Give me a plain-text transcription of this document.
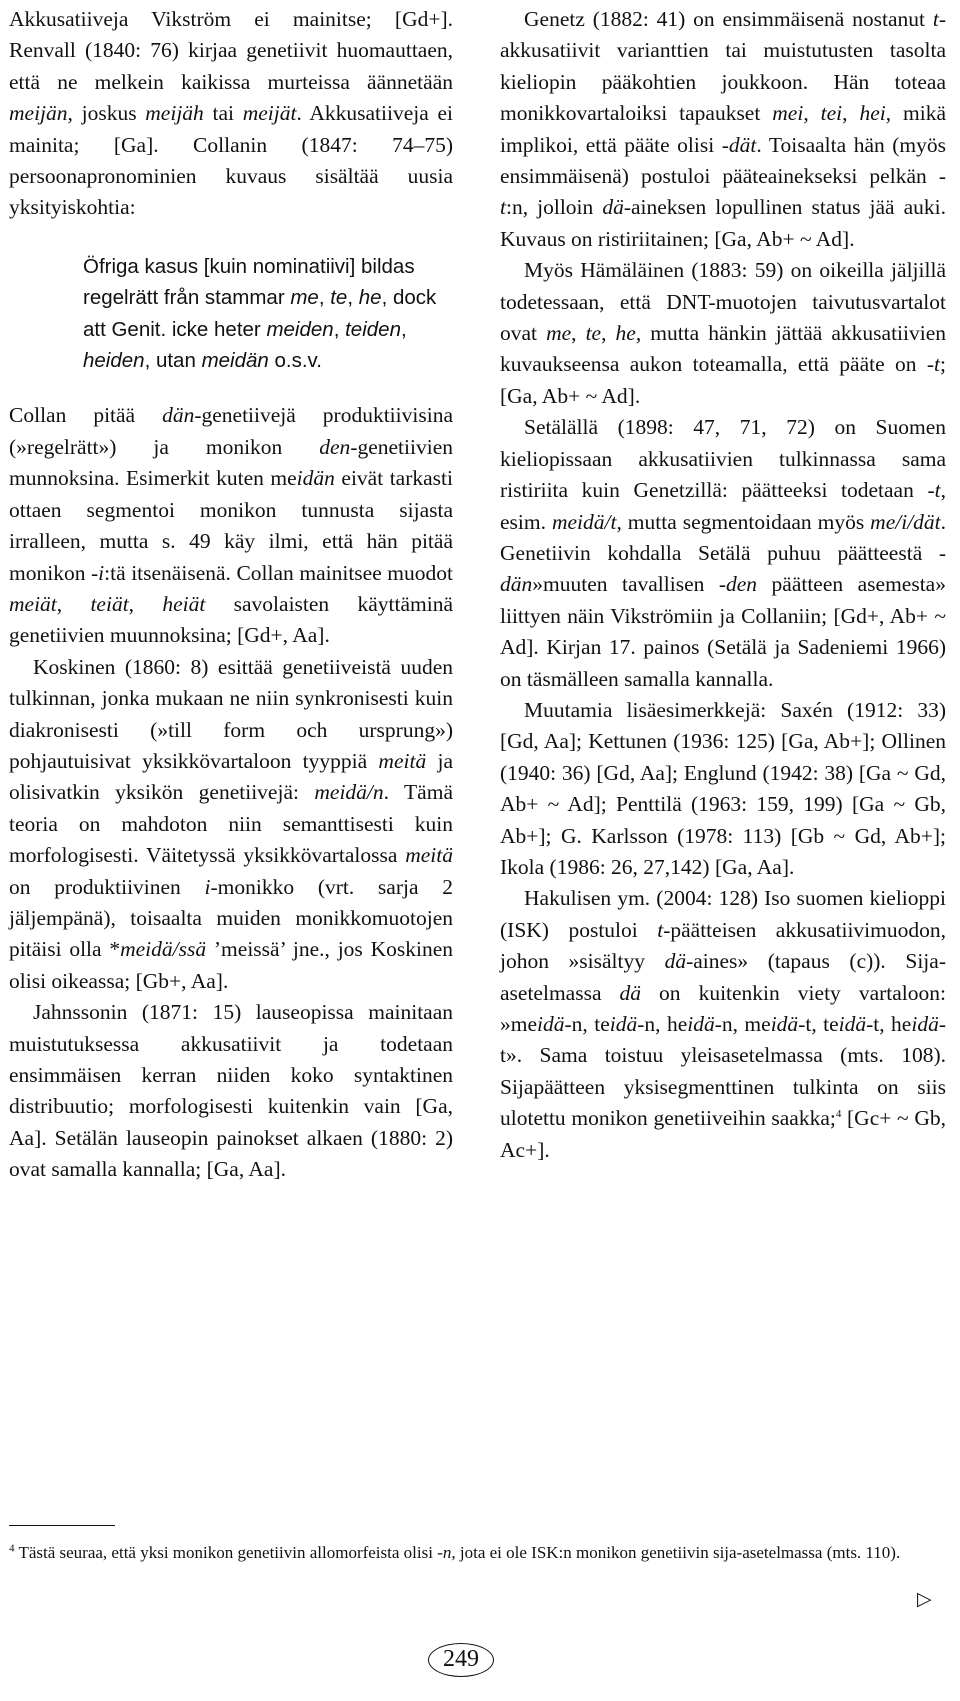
Akkusatiiveja Vikström ei mainitse; [Gd+]. Renvall (1840: 76) kirjaa genetiivit huomauttaen, että ne melkein kaikissa murteissa äännetään meijän, joskus meijäh tai meijät. Akkusatiiveja ei mainita; [Ga]. Collanin (1847: 74–75) persoonapronominien kuvaus sisältää uusia yksityiskohtia:

Öfriga kasus [kuin nominatiivi] bildas regelrätt från stammar me, te, he, dock att Genit. icke heter meiden, teiden, heiden, utan meidän o.s.v.

Collan pitää dän-genetiivejä produktiivisina (»regelrätt») ja monikon den-genetiivien munnoksina. Esimerkit kuten meidän eivät tarkasti ottaen segmentoi monikon tunnusta sijasta irralleen, mutta s. 49 käy ilmi, että hän pitää monikon -i:tä itsenäisenä. Collan mainitsee muodot meiät, teiät, heiät savolaisten käyttäminä genetiivien muunnoksina; [Gd+, Aa].

Koskinen (1860: 8) esittää genetiiveistä uuden tulkinnan, jonka mukaan ne niin synkronisesti kuin diakronisesti (»till form och ursprung») pohjautuisivat yksikkövartaloon tyyppiä meitä ja olisivatkin yksikön genetiivejä: meidä/n. Tämä teoria on mahdoton niin semanttisesti kuin morfologisesti. Väitetyssä yksikkövartalossa meitä on produktiivinen i-monikko (vrt. sarja 2 jäljempänä), toisaalta muiden monikkomuotojen pitäisi olla *meidä/ssä ’meissä’ jne., jos Koskinen olisi oikeassa; [Gb+, Aa].

Jahnssonin (1871: 15) lauseopissa mainitaan muistutuksessa akkusatiivit ja todetaan ensimmäisen kerran niiden koko syntaktinen distribuutio; morfologisesti kuitenkin vain [Ga, Aa]. Setälän lauseopin painokset alkaen (1880: 2) ovat samalla kannalla; [Ga, Aa].

Genetz (1882: 41) on ensimmäisenä nostanut t-akkusatiivit varianttien tai muistutusten tasolta kieliopin pääkohtien joukkoon. Hän toteaa monikkovartaloiksi tapaukset mei, tei, hei, mikä implikoi, että pääte olisi -dät. Toisaalta hän (myös ensimmäisenä) postuloi pääteainekseksi pelkän -t:n, jolloin dä-aineksen lopullinen status jää auki. Kuvaus on ristiriitainen; [Ga, Ab+ ~ Ad].

Myös Hämäläinen (1883: 59) on oikeilla jäljillä todetessaan, että DNT-muotojen taivutusvartalot ovat me, te, he, mutta hänkin jättää akkusatiivien kuvaukseensa aukon toteamalla, että pääte on -t; [Ga, Ab+ ~ Ad].

Setälällä (1898: 47, 71, 72) on Suomen kieliopissaan akkusatiivien tulkinnassa sama ristiriita kuin Genetzillä: päätteeksi todetaan -t, esim. meidä/t, mutta segmentoidaan myös me/i/dät. Genetiivin kohdalla Setälä puhuu päätteestä -dän»muuten tavallisen -den päätteen asemesta» liittyen näin Vikströmiin ja Collaniin; [Gd+, Ab+ ~ Ad]. Kirjan 17. painos (Setälä ja Sadeniemi 1966) on täsmälleen samalla kannalla.

Muutamia lisäesimerkkejä: Saxén (1912: 33) [Gd, Aa]; Kettunen (1936: 125) [Ga, Ab+]; Ollinen (1940: 36) [Gd, Aa]; Englund (1942: 38) [Ga ~ Gd, Ab+ ~ Ad]; Penttilä (1963: 159, 199) [Ga ~ Gb, Ab+]; G. Karlsson (1978: 113) [Gb ~ Gd, Ab+]; Ikola (1986: 26, 27,142) [Ga, Aa].

Hakulisen ym. (2004: 128) Iso suomen kielioppi (ISK) postuloi t-päätteisen akkusatiivimuodon, johon »sisältyy dä-aines» (tapaus (c)). Sija-asetelmassa dä on kuitenkin viety vartaloon: »meidä-n, teidä-n, heidä-n, meidä-t, teidä-t, heidä-t». Sama toistuu yleisasetelmassa (mts. 108). Sijapäätteen yksisegmenttinen tulkinta on siis ulotettu monikon genetiiveihin saakka;$^4$ [Gc+ ~ Gb, Ac+].

$^4$ Tästä seuraa, että yksi monikon genetiivin allomorfeista olisi -n, jota ei ole ISK:n monikon genetiivin sija-asetelmassa (mts. 110).
▷
249
